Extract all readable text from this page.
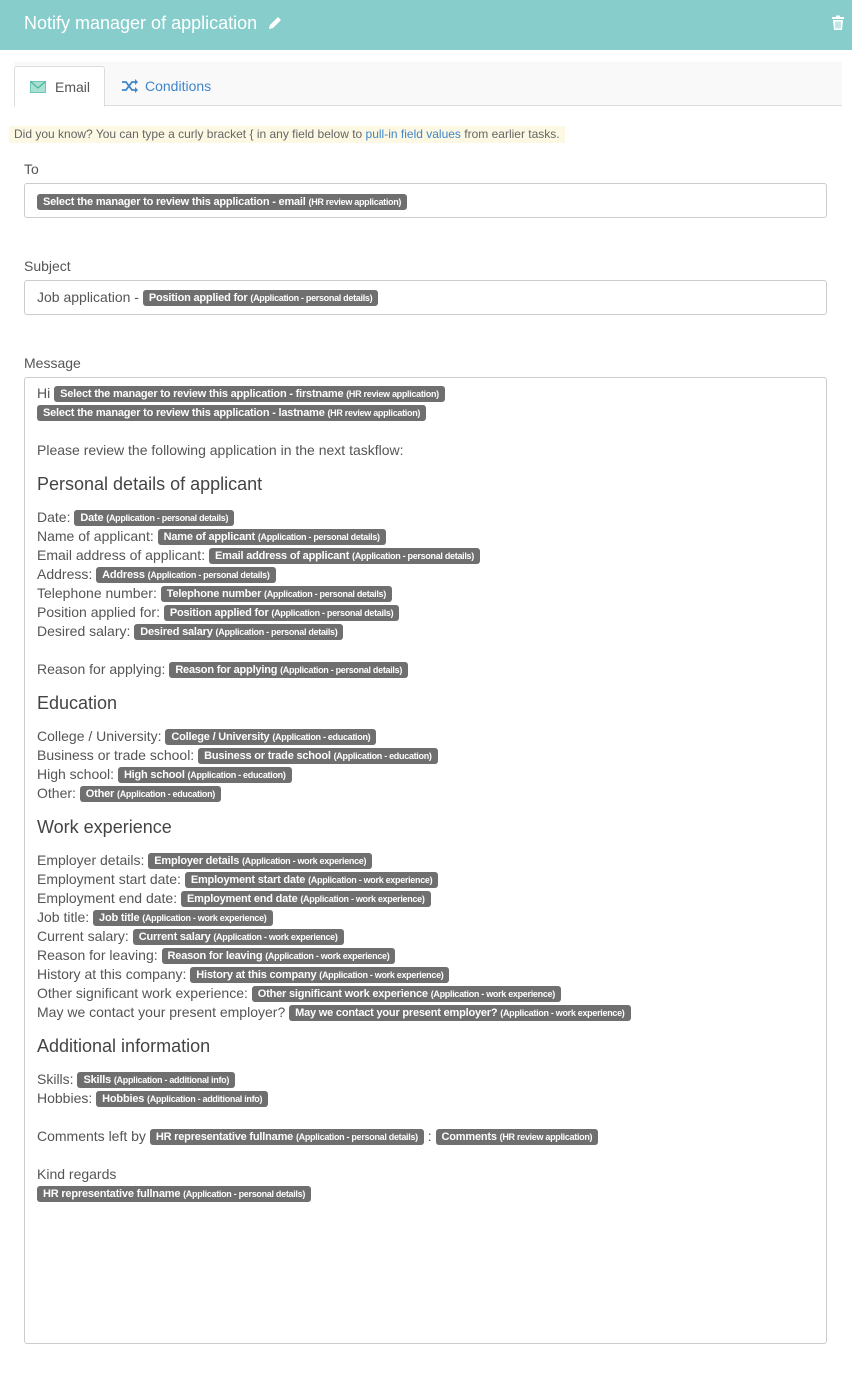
Notify manager of application
Email	Conditions
Did you know? You can type a curly bracket { in any field below to pull-in field values from earlier tasks.
To
Select the manager to review this application - email (HR review application)
Subject
Job application - Position applied for (Application - personal details)
Message
Hi Select the manager to review this application - firstname (HR review application)
Select the manager to review this application - lastname (HR review application)
Please review the following application in the next taskflow:
Personal details of applicant
Date: Date (Application - personal details)
Name of applicant: Name of applicant (Application - personal details)
Email address of applicant: Email address of applicant (Application - personal details)
Address: Address (Application - personal details)
Telephone number: Telephone number (Application - personal details)
Position applied for: Position applied for (Application - personal details)
Desired salary: Desired salary (Application - personal details)
Reason for applying: Reason for applying (Application - personal details)
Education
College / University: College / University (Application - education)
Business or trade school: Business or trade school (Application - education)
High school: High school (Application - education)
Other: Other (Application - education)
Work experience
Employer details: Employer details (Application - work experience)
Employment start date: Employment start date (Application - work experience)
Employment end date: Employment end date (Application - work experience)
Job title: Job title (Application - work experience)
Current salary: Current salary (Application - work experience)
Reason for leaving: Reason for leaving (Application - work experience)
History at this company: History at this company (Application - work experience)
Other significant work experience: Other significant work experience (Application - work experience)
May we contact your present employer? May we contact your present employer? (Application - work experience)
Additional information
Skills: Skills (Application - additional info)
Hobbies: Hobbies (Application - additional info)
Comments left by HR representative fullname (Application - personal details) : Comments (HR review application)
Kind regards
HR representative fullname (Application - personal details)
